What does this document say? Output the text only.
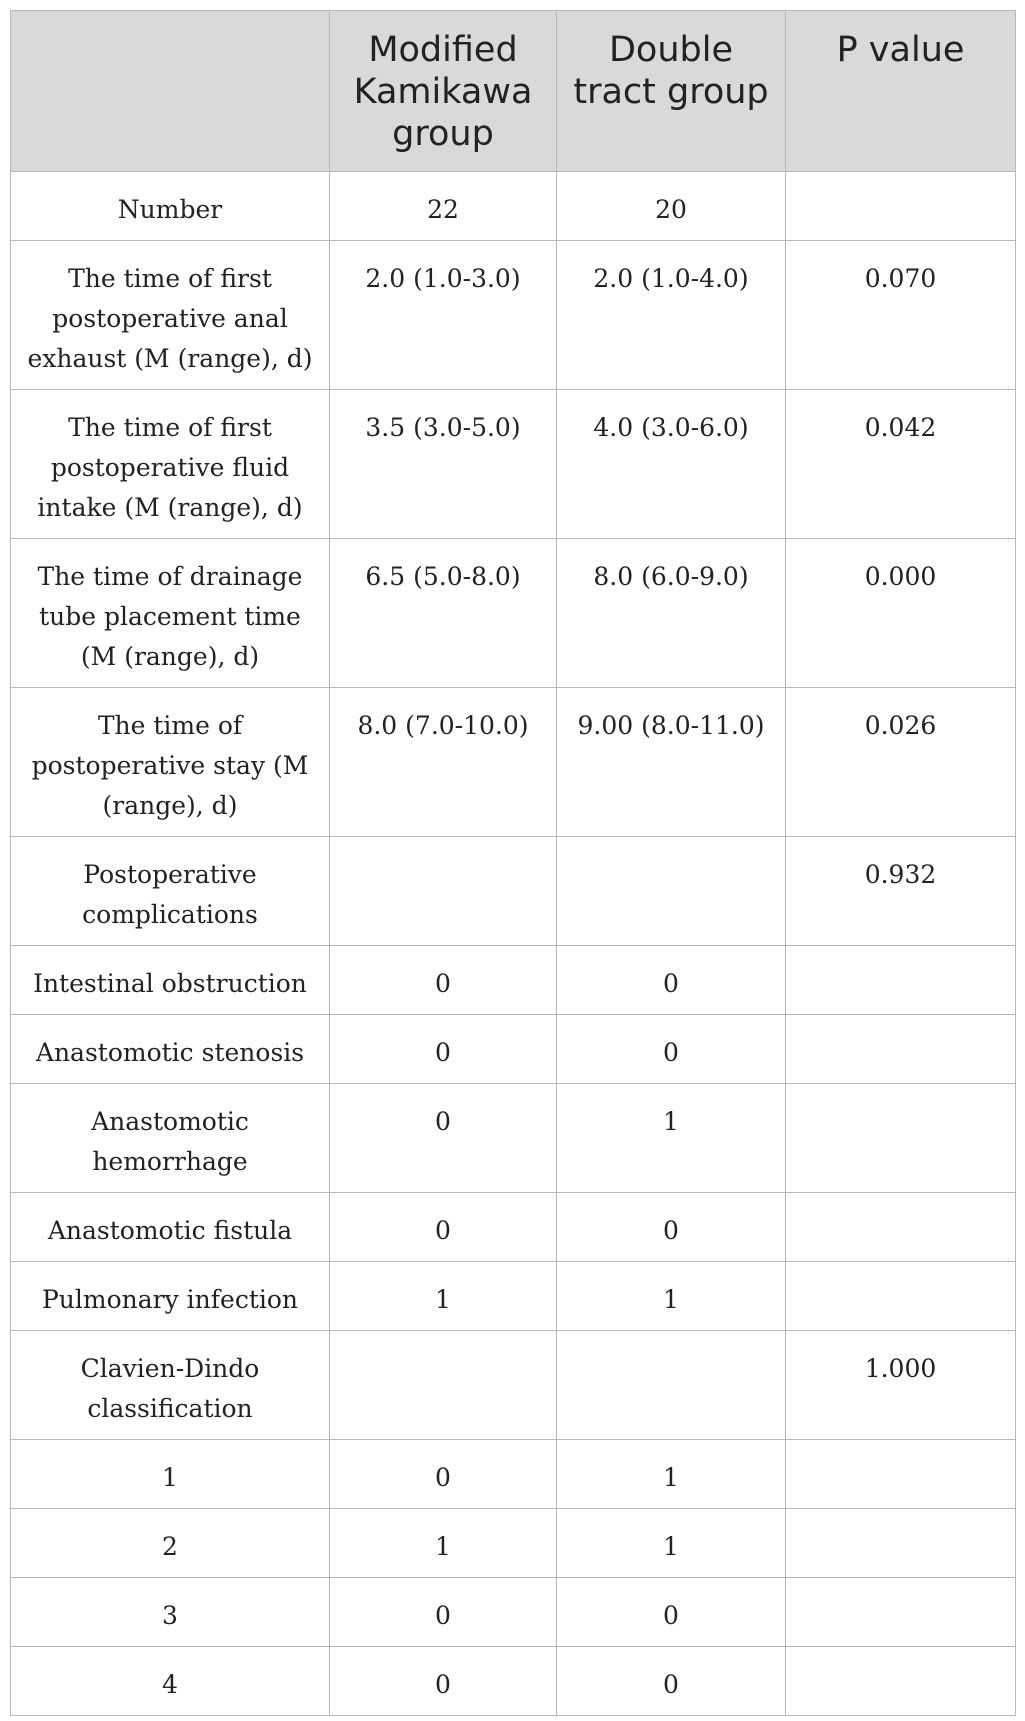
	Modified Kamikawa group	Double tract group	P value
Number	22	20	
The time of first postoperative anal exhaust (M (range), d)	2.0 (1.0-3.0)	2.0 (1.0-4.0)	0.070
The time of first postoperative fluid intake (M (range), d)	3.5 (3.0-5.0)	4.0 (3.0-6.0)	0.042
The time of drainage tube placement time (M (range), d)	6.5 (5.0-8.0)	8.0 (6.0-9.0)	0.000
The time of postoperative stay (M (range), d)	8.0 (7.0-10.0)	9.00 (8.0-11.0)	0.026
Postoperative complications			0.932
Intestinal obstruction	0	0	
Anastomotic stenosis	0	0	
Anastomotic hemorrhage	0	1	
Anastomotic fistula	0	0	
Pulmonary infection	1	1	
Clavien-Dindo classification			1.000
1	0	1	
2	1	1	
3	0	0	
4	0	0	
